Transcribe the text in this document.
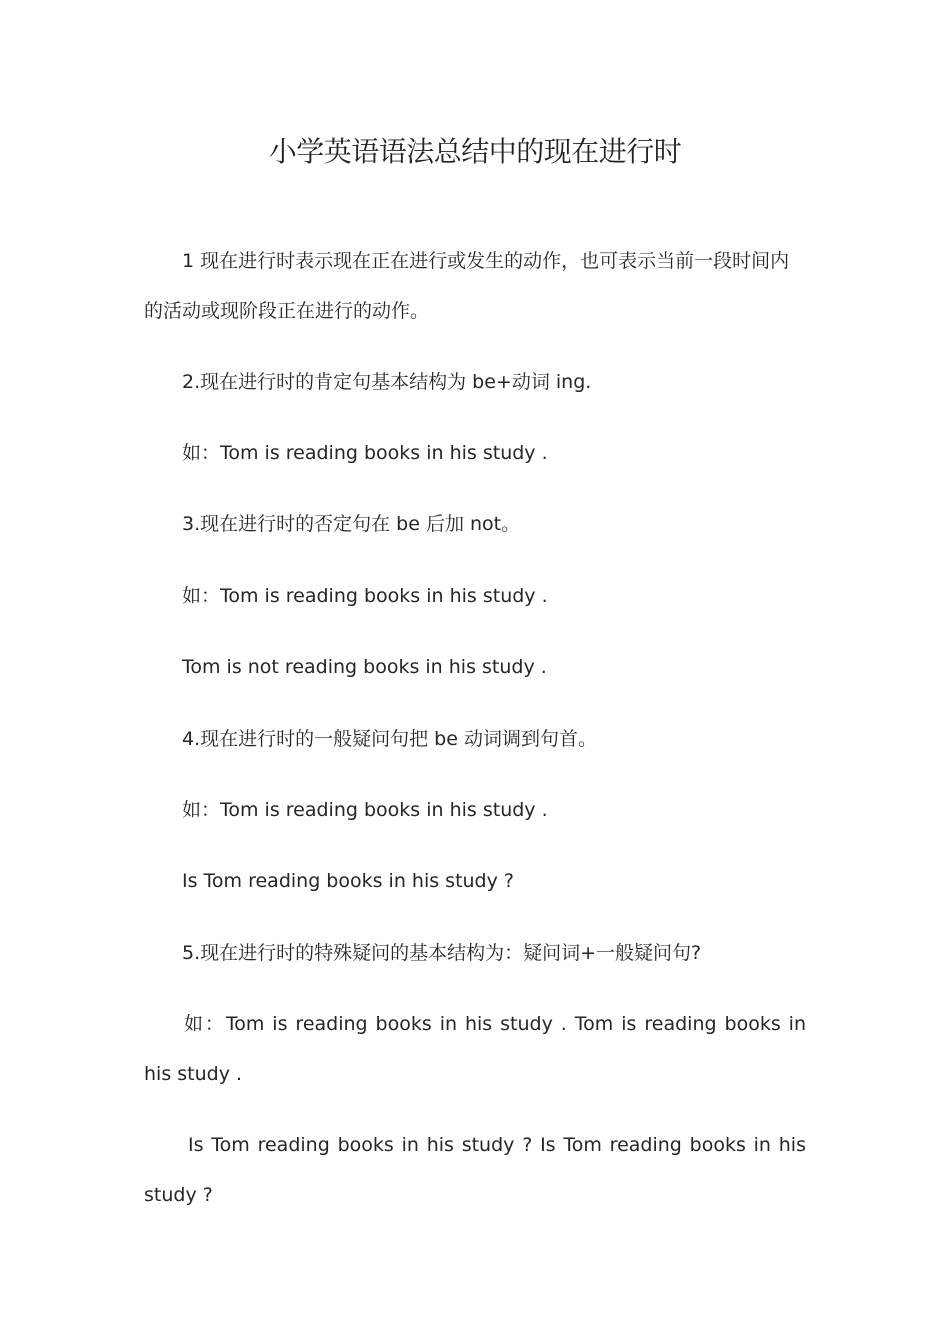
小学英语语法总结中的现在进行时
1 现在进行时表示现在正在进行或发生的动作，也可表示当前一段时间内的活动或现阶段正在进行的动作。
2.现在进行时的肯定句基本结构为 be+动词 ing.
如：Tom is reading books in his study .
3.现在进行时的否定句在 be 后加 not。
如：Tom is reading books in his study .
Tom is not reading books in his study .
4.现在进行时的一般疑问句把 be 动词调到句首。
如：Tom is reading books in his study .
Is Tom reading books in his study ?
5.现在进行时的特殊疑问的基本结构为：疑问词+一般疑问句?
如：Tom is reading books in his study . Tom is reading books in his study .
Is Tom reading books in his study ? Is Tom reading books in his study ?
